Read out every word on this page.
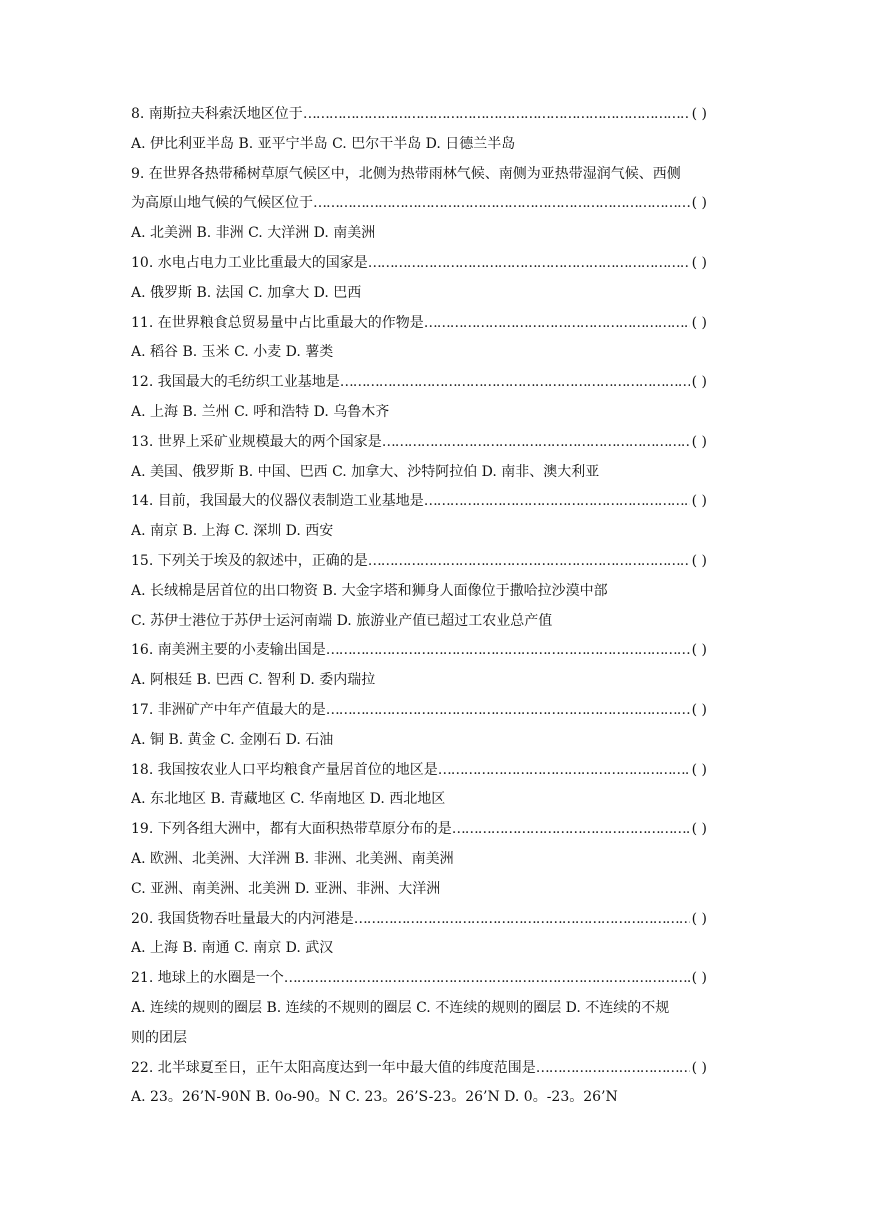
8. 南斯拉夫科索沃地区位于 ………………………………………………………………………………………………………………………………………………………………………………………………………………………	( )
A. 伊比利亚半岛 B. 亚平宁半岛 C. 巴尔干半岛 D. 日德兰半岛
9. 在世界各热带稀树草原气候区中，北侧为热带雨林气候、南侧为亚热带湿润气候、西侧
为高原山地气候的气候区位于 ………………………………………………………………………………………………………………………………………………………………………………………………………………………	( )
A. 北美洲 B. 非洲 C. 大洋洲 D. 南美洲
10. 水电占电力工业比重最大的国家是 ………………………………………………………………………………………………………………………………………………………………………………………………………………………	( )
A. 俄罗斯 B. 法国 C. 加拿大 D. 巴西
11. 在世界粮食总贸易量中占比重最大的作物是 ………………………………………………………………………………………………………………………………………………………………………………………………………………………	( )
A. 稻谷 B. 玉米 C. 小麦 D. 薯类
12. 我国最大的毛纺织工业基地是 ………………………………………………………………………………………………………………………………………………………………………………………………………………………	( )
A. 上海 B. 兰州 C. 呼和浩特 D. 乌鲁木齐
13. 世界上采矿业规模最大的两个国家是 ………………………………………………………………………………………………………………………………………………………………………………………………………………………	( )
A. 美国、俄罗斯 B. 中国、巴西 C. 加拿大、沙特阿拉伯 D. 南非、澳大利亚
14. 目前，我国最大的仪器仪表制造工业基地是 ………………………………………………………………………………………………………………………………………………………………………………………………………………………	( )
A. 南京 B. 上海 C. 深圳 D. 西安
15. 下列关于埃及的叙述中，正确的是 ………………………………………………………………………………………………………………………………………………………………………………………………………………………	( )
A. 长绒棉是居首位的出口物资 B. 大金字塔和狮身人面像位于撒哈拉沙漠中部
C. 苏伊士港位于苏伊士运河南端 D. 旅游业产值已超过工农业总产值
16. 南美洲主要的小麦输出国是 ………………………………………………………………………………………………………………………………………………………………………………………………………………………	( )
A. 阿根廷 B. 巴西 C. 智利 D. 委内瑞拉
17. 非洲矿产中年产值最大的是 ………………………………………………………………………………………………………………………………………………………………………………………………………………………	( )
A. 铜 B. 黄金 C. 金刚石 D. 石油
18. 我国按农业人口平均粮食产量居首位的地区是 ………………………………………………………………………………………………………………………………………………………………………………………………………………………	( )
A. 东北地区 B. 青藏地区 C. 华南地区 D. 西北地区
19. 下列各组大洲中，都有大面积热带草原分布的是 ………………………………………………………………………………………………………………………………………………………………………………………………………………………	( )
A. 欧洲、北美洲、大洋洲 B. 非洲、北美洲、南美洲
C. 亚洲、南美洲、北美洲 D. 亚洲、非洲、大洋洲
20. 我国货物吞吐量最大的内河港是 ………………………………………………………………………………………………………………………………………………………………………………………………………………………	( )
A. 上海 B. 南通 C. 南京 D. 武汉
21. 地球上的水圈是一个 ………………………………………………………………………………………………………………………………………………………………………………………………………………………	( )
A. 连续的规则的圈层 B. 连续的不规则的圈层 C. 不连续的规则的圈层 D. 不连续的不规
则的团层
22. 北半球夏至日，正午太阳高度达到一年中最大值的纬度范围是 ………………………………………………………………………………………………………………………………………………………………………………………………………………………	( )
A. 23。26’N-90N B. 0o-90。N C. 23。26’S-23。26’N D. 0。-23。26’N
